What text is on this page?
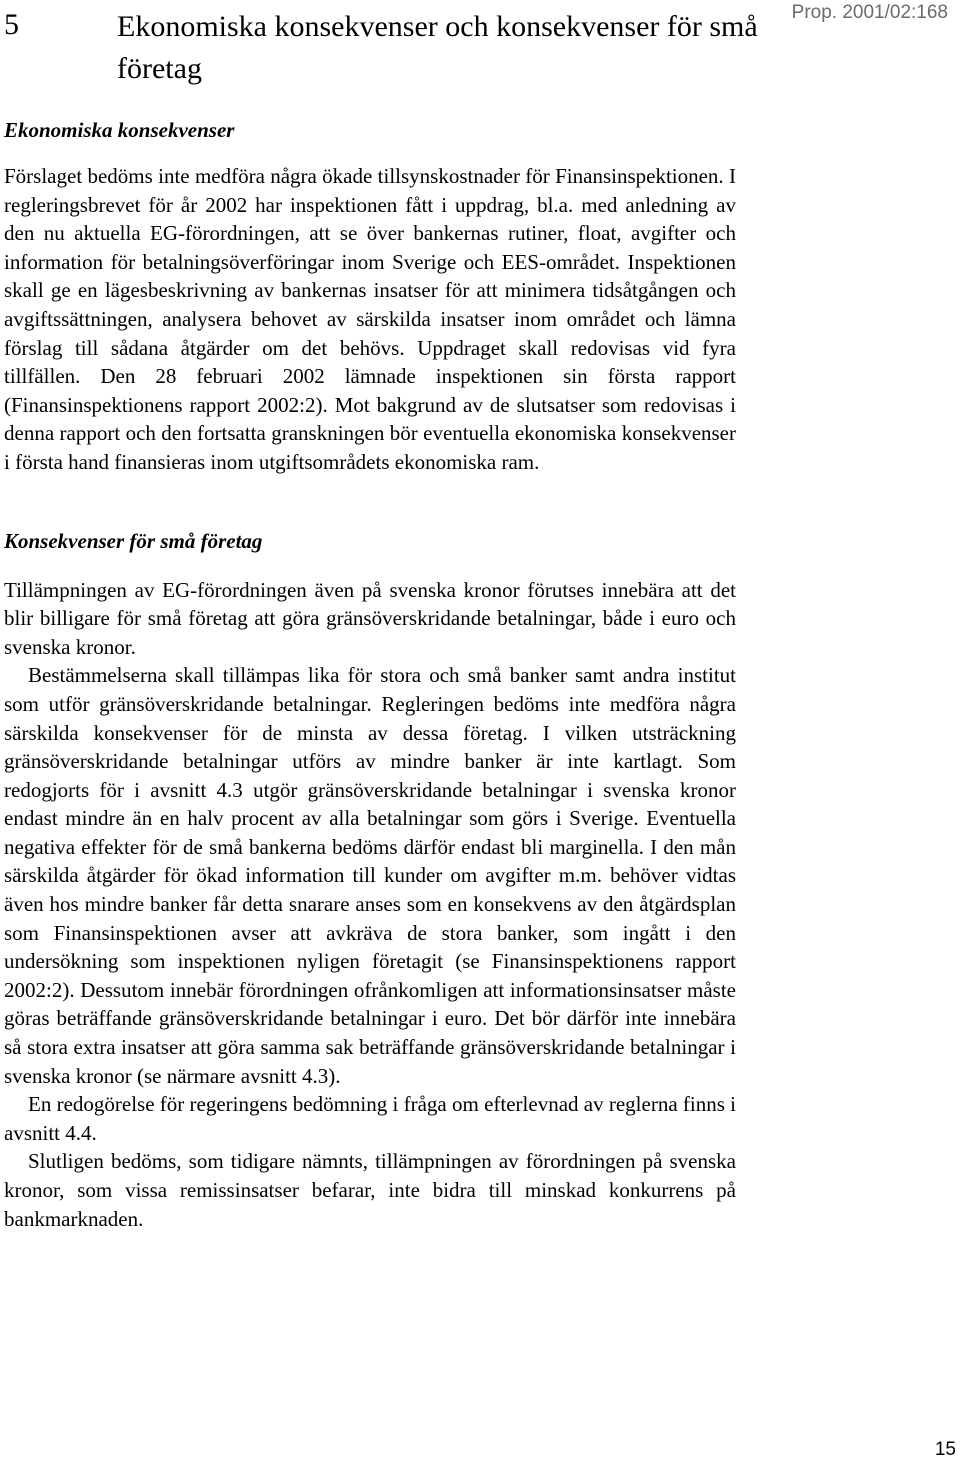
5	Ekonomiska konsekvenser och konsekvenser för små företag
Prop. 2001/02:168
Ekonomiska konsekvenser

Förslaget bedöms inte medföra några ökade tillsynskostnader för Finansinspektionen. I regleringsbrevet för år 2002 har inspektionen fått i uppdrag, bl.a. med anledning av den nu aktuella EG-förordningen, att se över bankernas rutiner, float, avgifter och information för betalningsöverföringar inom Sverige och EES-området. Inspektionen skall ge en lägesbeskrivning av bankernas insatser för att minimera tidsåtgången och avgiftssättningen, analysera behovet av särskilda insatser inom området och lämna förslag till sådana åtgärder om det behövs. Uppdraget skall redovisas vid fyra tillfällen. Den 28 februari 2002 lämnade inspektionen sin första rapport (Finansinspektionens rapport 2002:2). Mot bakgrund av de slutsatser som redovisas i denna rapport och den fortsatta granskningen bör eventuella ekonomiska konsekvenser i första hand finansieras inom utgiftsområdets ekonomiska ram.

Konsekvenser för små företag

Tillämpningen av EG-förordningen även på svenska kronor förutses innebära att det blir billigare för små företag att göra gränsöverskridande betalningar, både i euro och svenska kronor.

Bestämmelserna skall tillämpas lika för stora och små banker samt andra institut som utför gränsöverskridande betalningar. Regleringen bedöms inte medföra några särskilda konsekvenser för de minsta av dessa företag. I vilken utsträckning gränsöverskridande betalningar utförs av mindre banker är inte kartlagt. Som redogjorts för i avsnitt 4.3 utgör gränsöverskridande betalningar i svenska kronor endast mindre än en halv procent av alla betalningar som görs i Sverige. Eventuella negativa effekter för de små bankerna bedöms därför endast bli marginella. I den mån särskilda åtgärder för ökad information till kunder om avgifter m.m. behöver vidtas även hos mindre banker får detta snarare anses som en konsekvens av den åtgärdsplan som Finansinspektionen avser att avkräva de stora banker, som ingått i den undersökning som inspektionen nyligen företagit (se Finansinspektionens rapport 2002:2). Dessutom innebär förordningen ofrånkomligen att informationsinsatser måste göras beträffande gränsöverskridande betalningar i euro. Det bör därför inte innebära så stora extra insatser att göra samma sak beträffande gränsöverskridande betalningar i svenska kronor (se närmare avsnitt 4.3).

En redogörelse för regeringens bedömning i fråga om efterlevnad av reglerna finns i avsnitt 4.4.

Slutligen bedöms, som tidigare nämnts, tillämpningen av förordningen på svenska kronor, som vissa remissinsatser befarar, inte bidra till minskad konkurrens på bankmarknaden.

15
